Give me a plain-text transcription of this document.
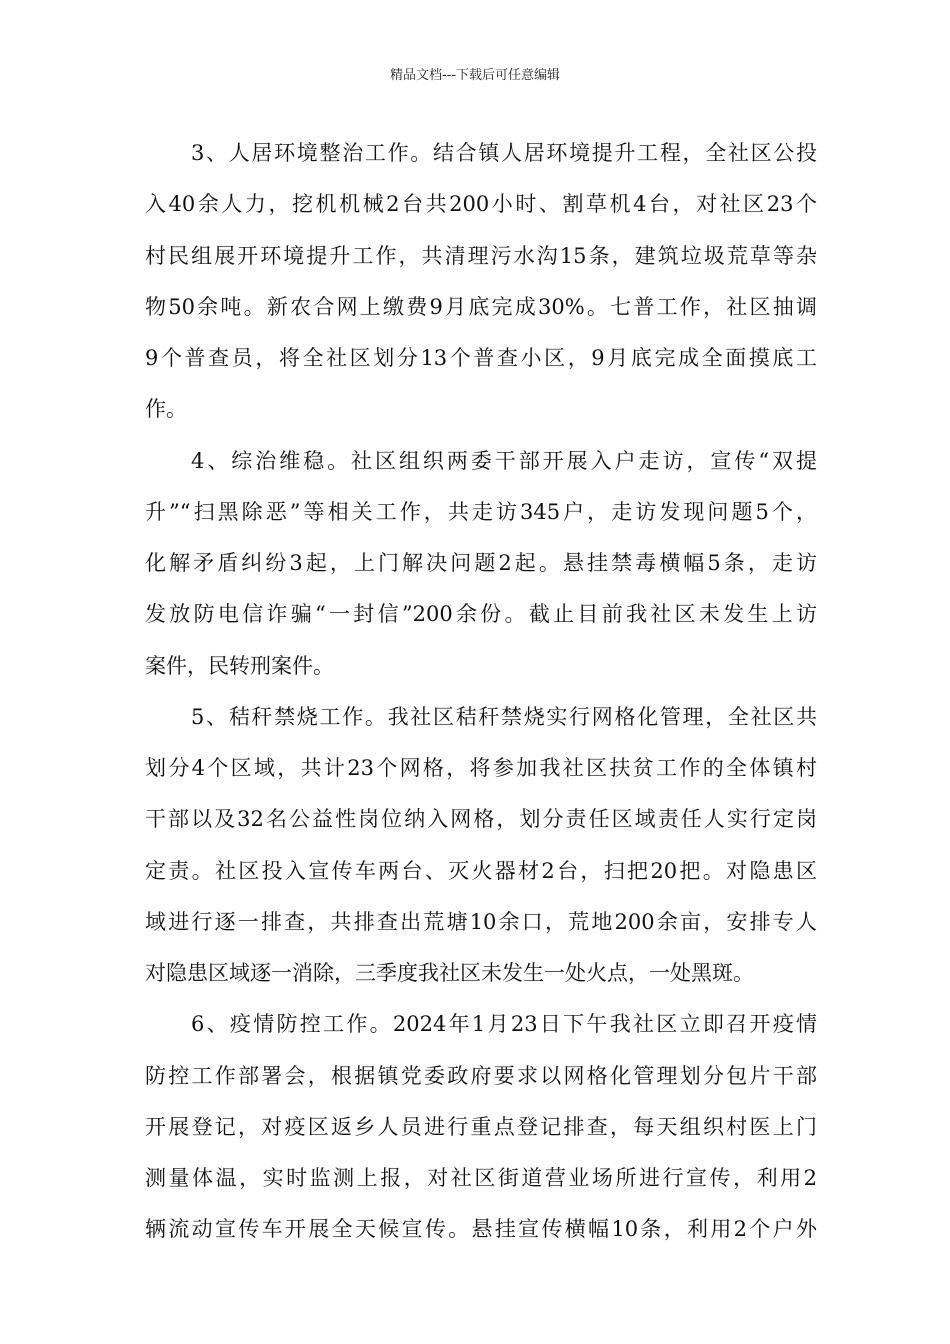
精品文档---下载后可任意编辑
3、人居环境整治工作。结合镇人居环境提升工程，全社区公投
入40余人力，挖机机械2台共200小时、割草机4台，对社区23个
村民组展开环境提升工作，共清理污水沟15条，建筑垃圾荒草等杂
物50余吨。新农合网上缴费9月底完成30%。七普工作，社区抽调
9个普查员，将全社区划分13个普查小区，9月底完成全面摸底工
作。
4、综治维稳。社区组织两委干部开展入户走访，宣传“双提
升”“扫黑除恶”等相关工作，共走访345户，走访发现问题5个，
化解矛盾纠纷3起，上门解决问题2起。悬挂禁毒横幅5条，走访
发放防电信诈骗“一封信”200余份。截止目前我社区未发生上访
案件，民转刑案件。
5、秸秆禁烧工作。我社区秸秆禁烧实行网格化管理，全社区共
划分4个区域，共计23个网格，将参加我社区扶贫工作的全体镇村
干部以及32名公益性岗位纳入网格，划分责任区域责任人实行定岗
定责。社区投入宣传车两台、灭火器材2台，扫把20把。对隐患区
域进行逐一排查，共排查出荒塘10余口，荒地200余亩，安排专人
对隐患区域逐一消除，三季度我社区未发生一处火点，一处黑斑。
6、疫情防控工作。2024年1月23日下午我社区立即召开疫情
防控工作部署会，根据镇党委政府要求以网格化管理划分包片干部
开展登记，对疫区返乡人员进行重点登记排查，每天组织村医上门
测量体温，实时监测上报，对社区街道营业场所进行宣传，利用2
辆流动宣传车开展全天候宣传。悬挂宣传横幅10条，利用2个户外
